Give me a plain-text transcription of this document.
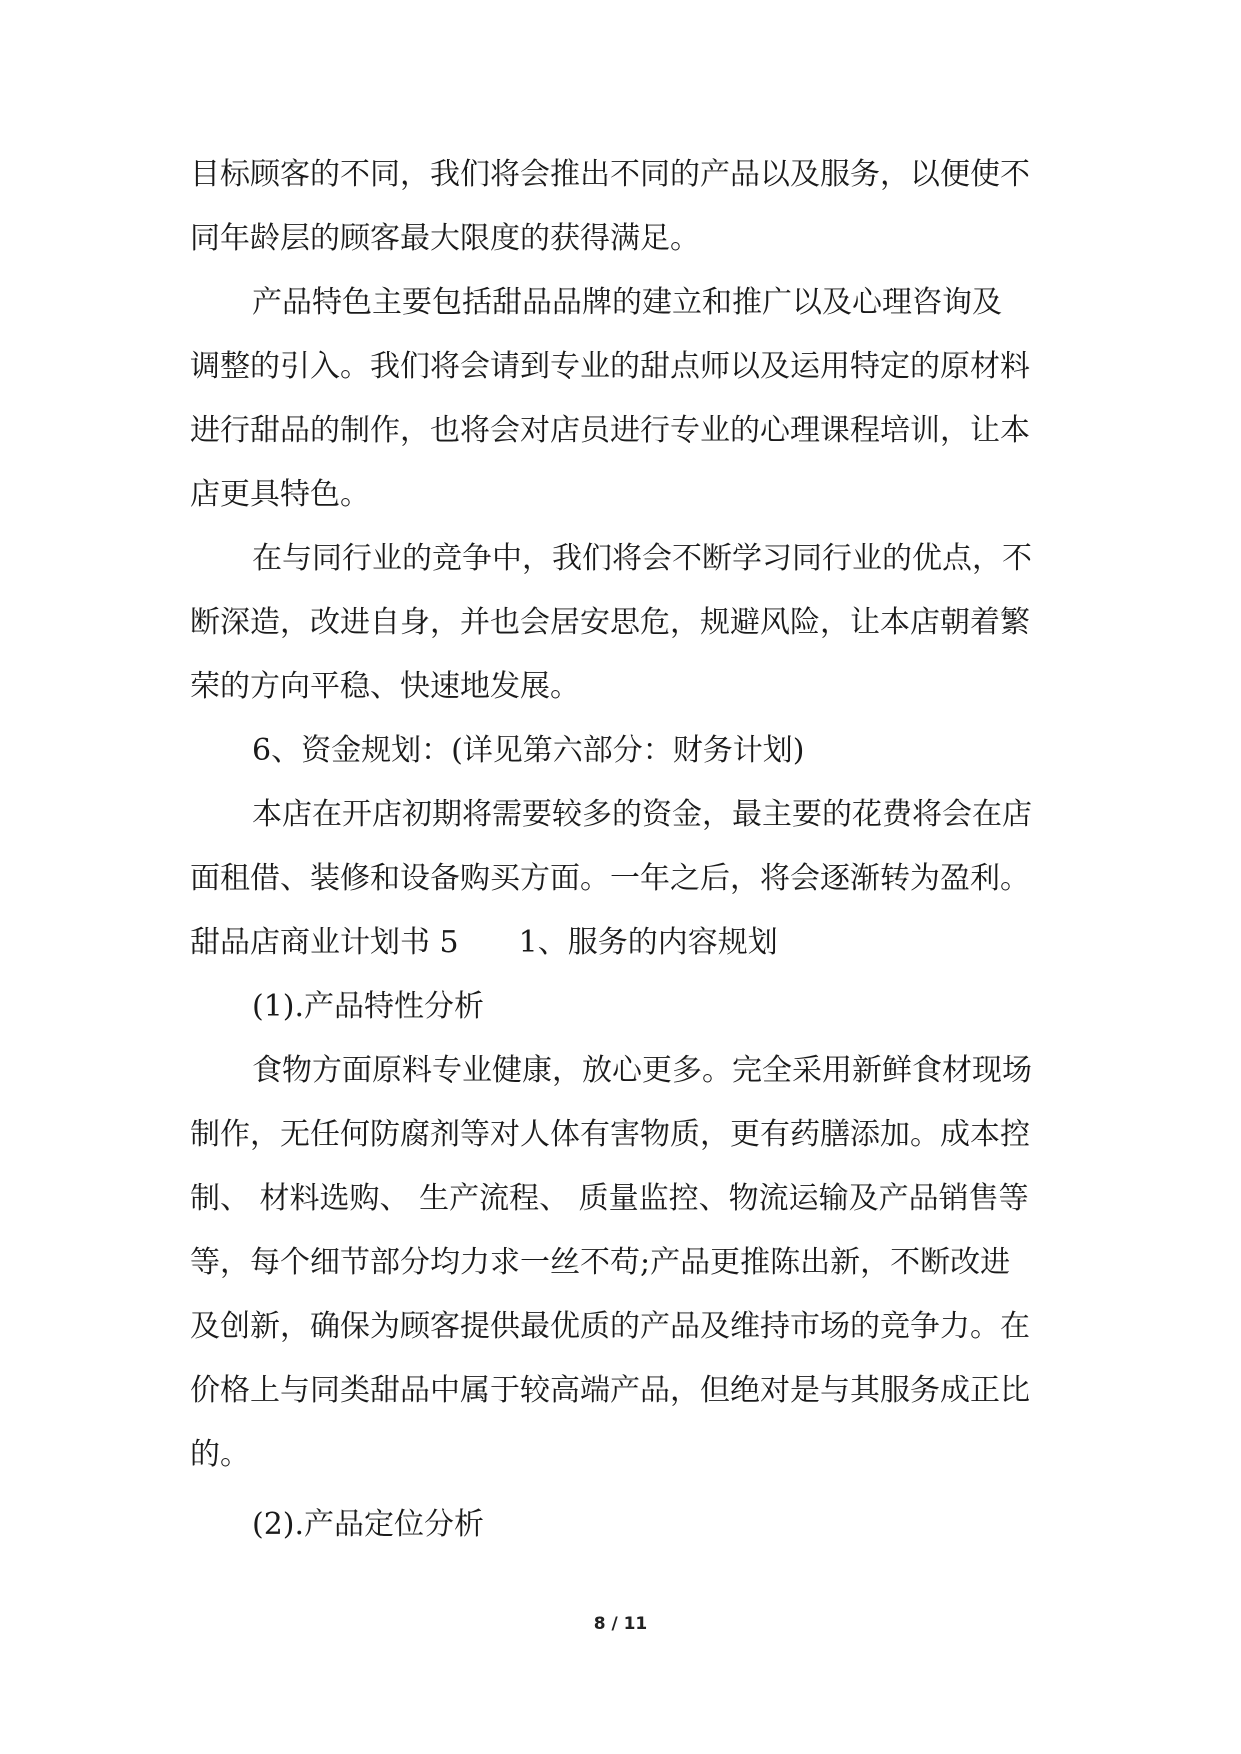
目标顾客的不同，我们将会推出不同的产品以及服务，以便使不
同年龄层的顾客最大限度的获得满足。
产品特色主要包括甜品品牌的建立和推广以及心理咨询及
调整的引入。我们将会请到专业的甜点师以及运用特定的原材料
进行甜品的制作，也将会对店员进行专业的心理课程培训，让本
店更具特色。
在与同行业的竞争中，我们将会不断学习同行业的优点，不
断深造，改进自身，并也会居安思危，规避风险，让本店朝着繁
荣的方向平稳、快速地发展。
6、资金规划：(详见第六部分：财务计划)
本店在开店初期将需要较多的资金，最主要的花费将会在店
面租借、装修和设备购买方面。一年之后，将会逐渐转为盈利。
甜品店商业计划书 5　　1、服务的内容规划
(1).产品特性分析
食物方面原料专业健康，放心更多。完全采用新鲜食材现场
制作，无任何防腐剂等对人体有害物质，更有药膳添加。成本控
制、 材料选购、 生产流程、 质量监控、物流运输及产品销售等
等，每个细节部分均力求一丝不苟;产品更推陈出新，不断改进
及创新，确保为顾客提供最优质的产品及维持市场的竞争力。在
价格上与同类甜品中属于较高端产品，但绝对是与其服务成正比
的。
(2).产品定位分析
8 / 11
